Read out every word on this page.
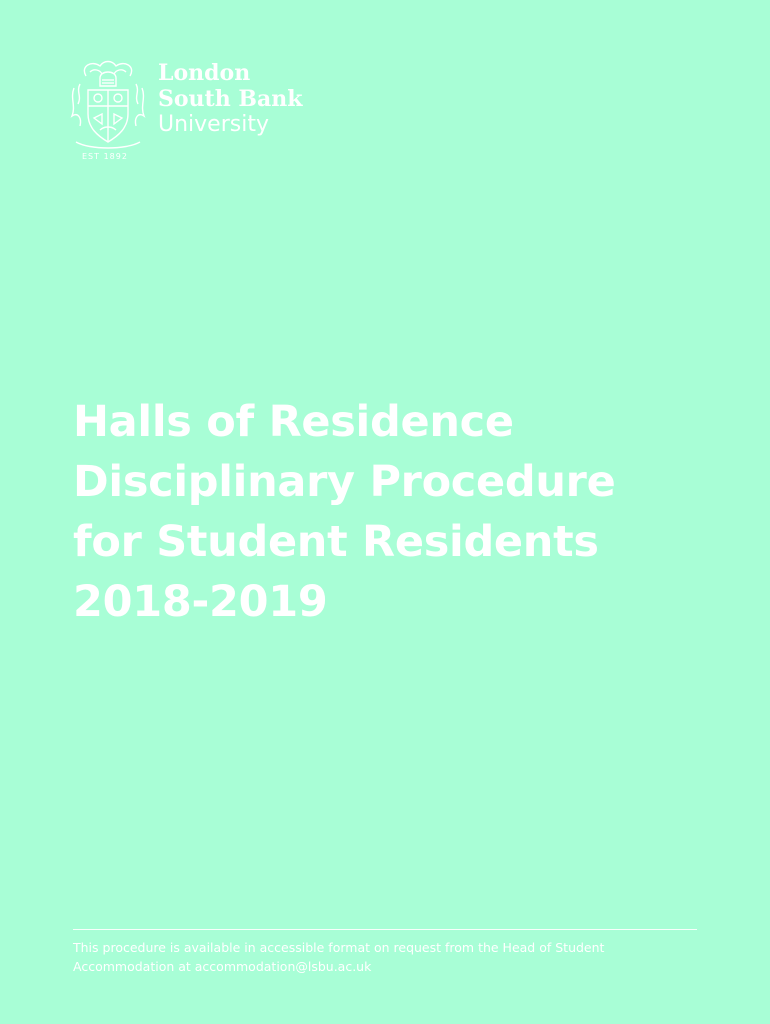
EST 1892
London
South Bank
University
Halls of Residence
Disciplinary Procedure
for Student Residents
2018-2019

This procedure is available in accessible format on request from the Head of Student
Accommodation at accommodation@lsbu.ac.uk
